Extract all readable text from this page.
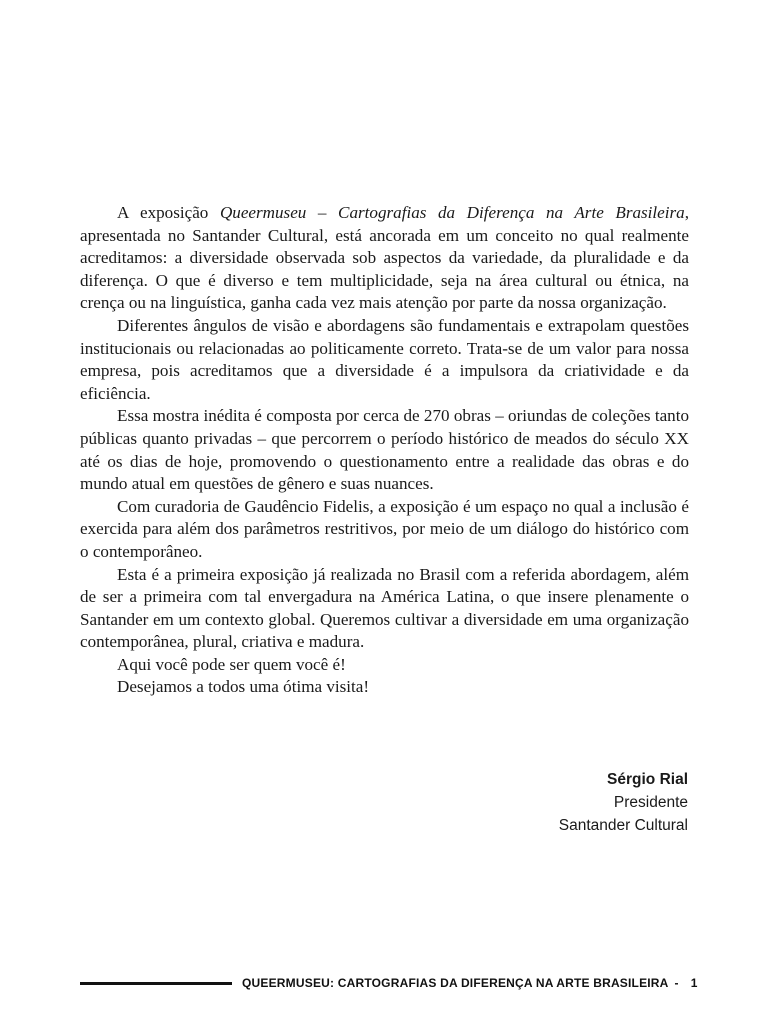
A exposição Queermuseu – Cartografias da Diferença na Arte Brasileira, apresentada no Santander Cultural, está ancorada em um conceito no qual realmente acreditamos: a diversidade observada sob aspectos da variedade, da pluralidade e da diferença. O que é diverso e tem multiplicidade, seja na área cultural ou étnica, na crença ou na linguística, ganha cada vez mais atenção por parte da nossa organização.

Diferentes ângulos de visão e abordagens são fundamentais e extrapolam questões institucionais ou relacionadas ao politicamente correto. Trata-se de um valor para nossa empresa, pois acreditamos que a diversidade é a impulsora da criatividade e da eficiência.

Essa mostra inédita é composta por cerca de 270 obras – oriundas de coleções tanto públicas quanto privadas – que percorrem o período histórico de meados do século XX até os dias de hoje, promovendo o questionamento entre a realidade das obras e do mundo atual em questões de gênero e suas nuances.

Com curadoria de Gaudêncio Fidelis, a exposição é um espaço no qual a inclusão é exercida para além dos parâmetros restritivos, por meio de um diálogo do histórico com o contemporâneo.

Esta é a primeira exposição já realizada no Brasil com a referida abordagem, além de ser a primeira com tal envergadura na América Latina, o que insere plenamente o Santander em um contexto global. Queremos cultivar a diversidade em uma organização contemporânea, plural, criativa e madura.

Aqui você pode ser quem você é!

Desejamos a todos uma ótima visita!

Sérgio Rial
Presidente
Santander Cultural
QUEERMUSEU: CARTOGRAFIAS DA DIFERENÇA NA ARTE BRASILEIRA - 1
